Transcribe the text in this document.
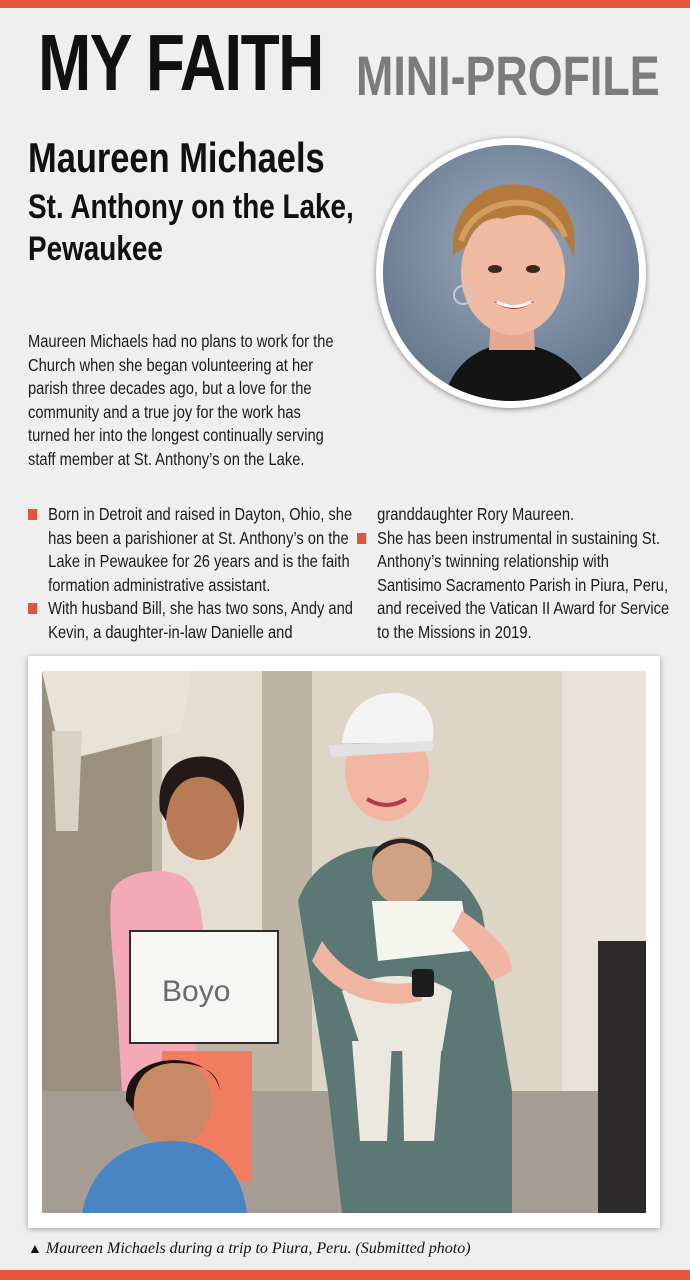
MY FAITH MINI-PROFILE
Maureen Michaels
St. Anthony on the Lake,
Pewaukee
Maureen Michaels had no plans to work for the Church when she began volunteering at her parish three decades ago, but a love for the community and a true joy for the work has turned her into the longest continually serving staff member at St. Anthony’s on the Lake.
Born in Detroit and raised in Dayton, Ohio, she has been a parishioner at St. Anthony’s on the Lake in Pewaukee for 26 years and is the faith formation administrative assistant.
With husband Bill, she has two sons, Andy and Kevin, a daughter-in-law Danielle and
granddaughter Rory Maureen.
She has been instrumental in sustaining St. Anthony’s twinning relationship with Santisimo Sacramento Parish in Piura, Peru, and received the Vatican II Award for Service to the Missions in 2019.
Boyo
▲ Maureen Michaels during a trip to Piura, Peru. (Submitted photo)
